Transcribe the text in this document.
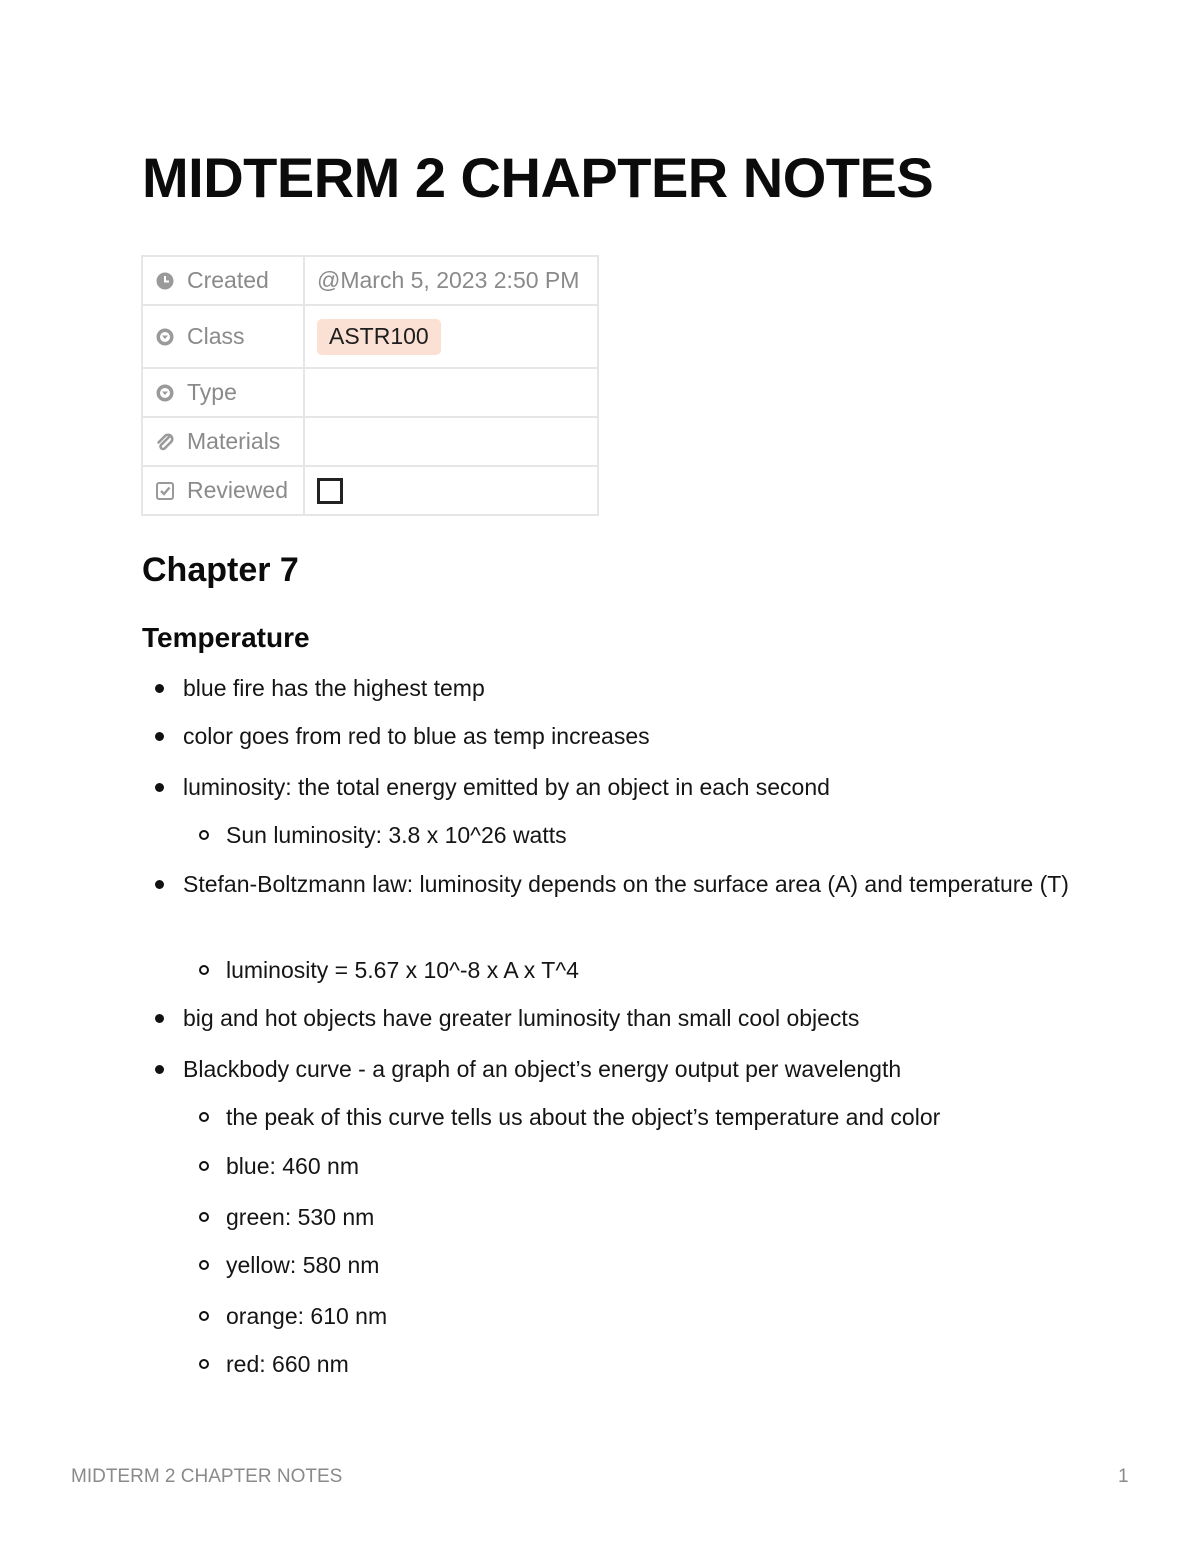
MIDTERM 2 CHAPTER NOTES
Created	@March 5, 2023 2:50 PM

Class	ASTR100

Type	

Materials	

Reviewed	

Chapter 7
Temperature
blue fire has the highest temp
color goes from red to blue as temp increases
luminosity: the total energy emitted by an object in each second
Sun luminosity: 3.8 x 10^26 watts
Stefan-Boltzmann law: luminosity depends on the surface area (A) and temperature (T)
luminosity = 5.67 x 10^-8 x A x T^4
big and hot objects have greater luminosity than small cool objects
Blackbody curve - a graph of an object’s energy output per wavelength
the peak of this curve tells us about the object’s temperature and color
blue: 460 nm
green: 530 nm
yellow: 580 nm
orange: 610 nm
red: 660 nm
MIDTERM 2 CHAPTER NOTES	1
